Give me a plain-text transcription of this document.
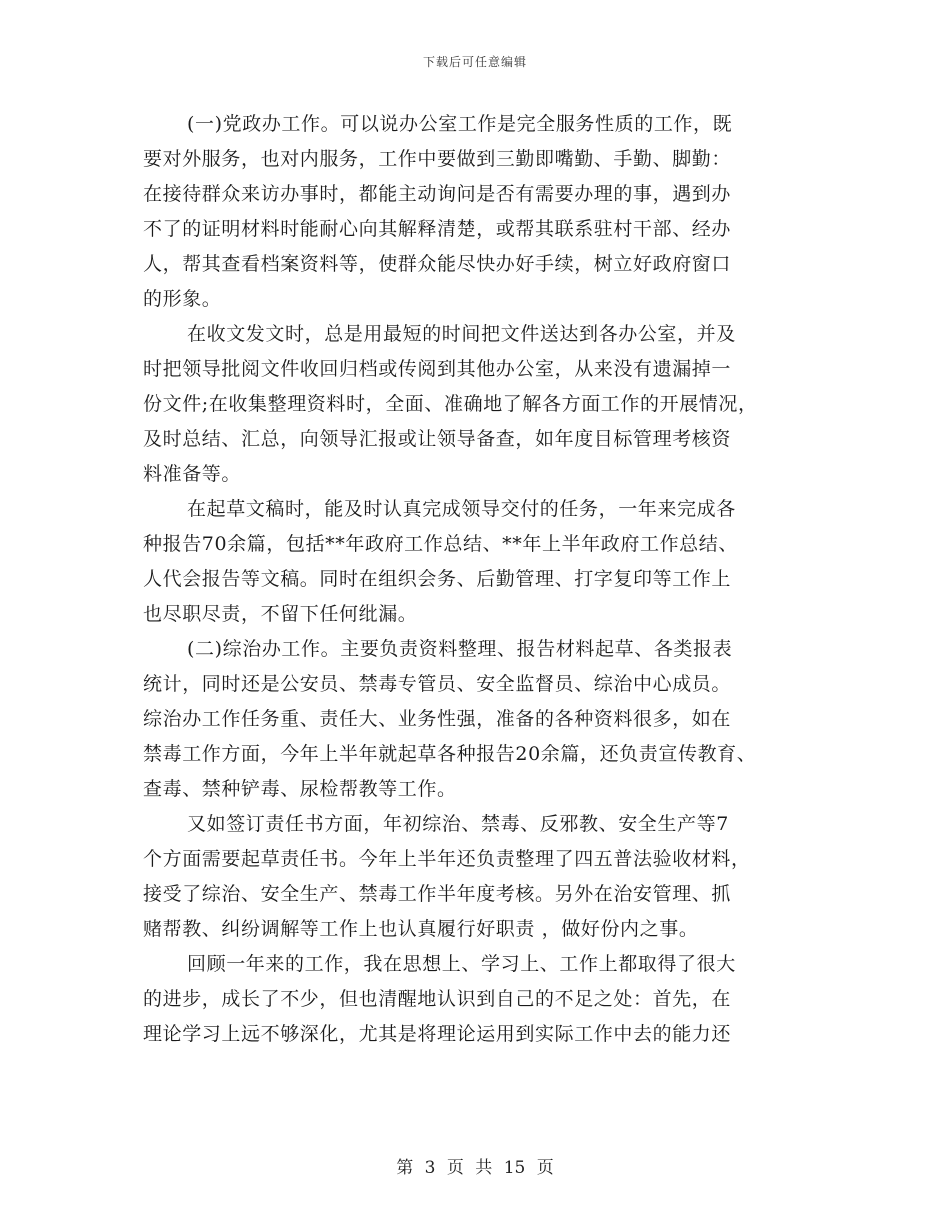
下载后可任意编辑
(一)党政办工作。可以说办公室工作是完全服务性质的工作，既
要对外服务，也对内服务，工作中要做到三勤即嘴勤、手勤、脚勤：
在接待群众来访办事时，都能主动询问是否有需要办理的事，遇到办
不了的证明材料时能耐心向其解释清楚，或帮其联系驻村干部、经办
人，帮其查看档案资料等，使群众能尽快办好手续，树立好政府窗口
的形象。
在收文发文时，总是用最短的时间把文件送达到各办公室，并及
时把领导批阅文件收回归档或传阅到其他办公室，从来没有遗漏掉一
份文件;在收集整理资料时，全面、准确地了解各方面工作的开展情况，
及时总结、汇总，向领导汇报或让领导备查，如年度目标管理考核资
料准备等。
在起草文稿时，能及时认真完成领导交付的任务，一年来完成各
种报告70余篇，包括**年政府工作总结、**年上半年政府工作总结、
人代会报告等文稿。同时在组织会务、后勤管理、打字复印等工作上
也尽职尽责，不留下任何纰漏。
(二)综治办工作。主要负责资料整理、报告材料起草、各类报表
统计，同时还是公安员、禁毒专管员、安全监督员、综治中心成员。
综治办工作任务重、责任大、业务性强，准备的各种资料很多，如在
禁毒工作方面，今年上半年就起草各种报告20余篇，还负责宣传教育、
查毒、禁种铲毒、尿检帮教等工作。
又如签订责任书方面，年初综治、禁毒、反邪教、安全生产等7
个方面需要起草责任书。今年上半年还负责整理了四五普法验收材料，
接受了综治、安全生产、禁毒工作半年度考核。另外在治安管理、抓
赌帮教、纠纷调解等工作上也认真履行好职责 ，做好份内之事。
回顾一年来的工作，我在思想上、学习上、工作上都取得了很大
的进步，成长了不少，但也清醒地认识到自己的不足之处：首先，在
理论学习上远不够深化，尤其是将理论运用到实际工作中去的能力还
第 3 页 共 15 页
